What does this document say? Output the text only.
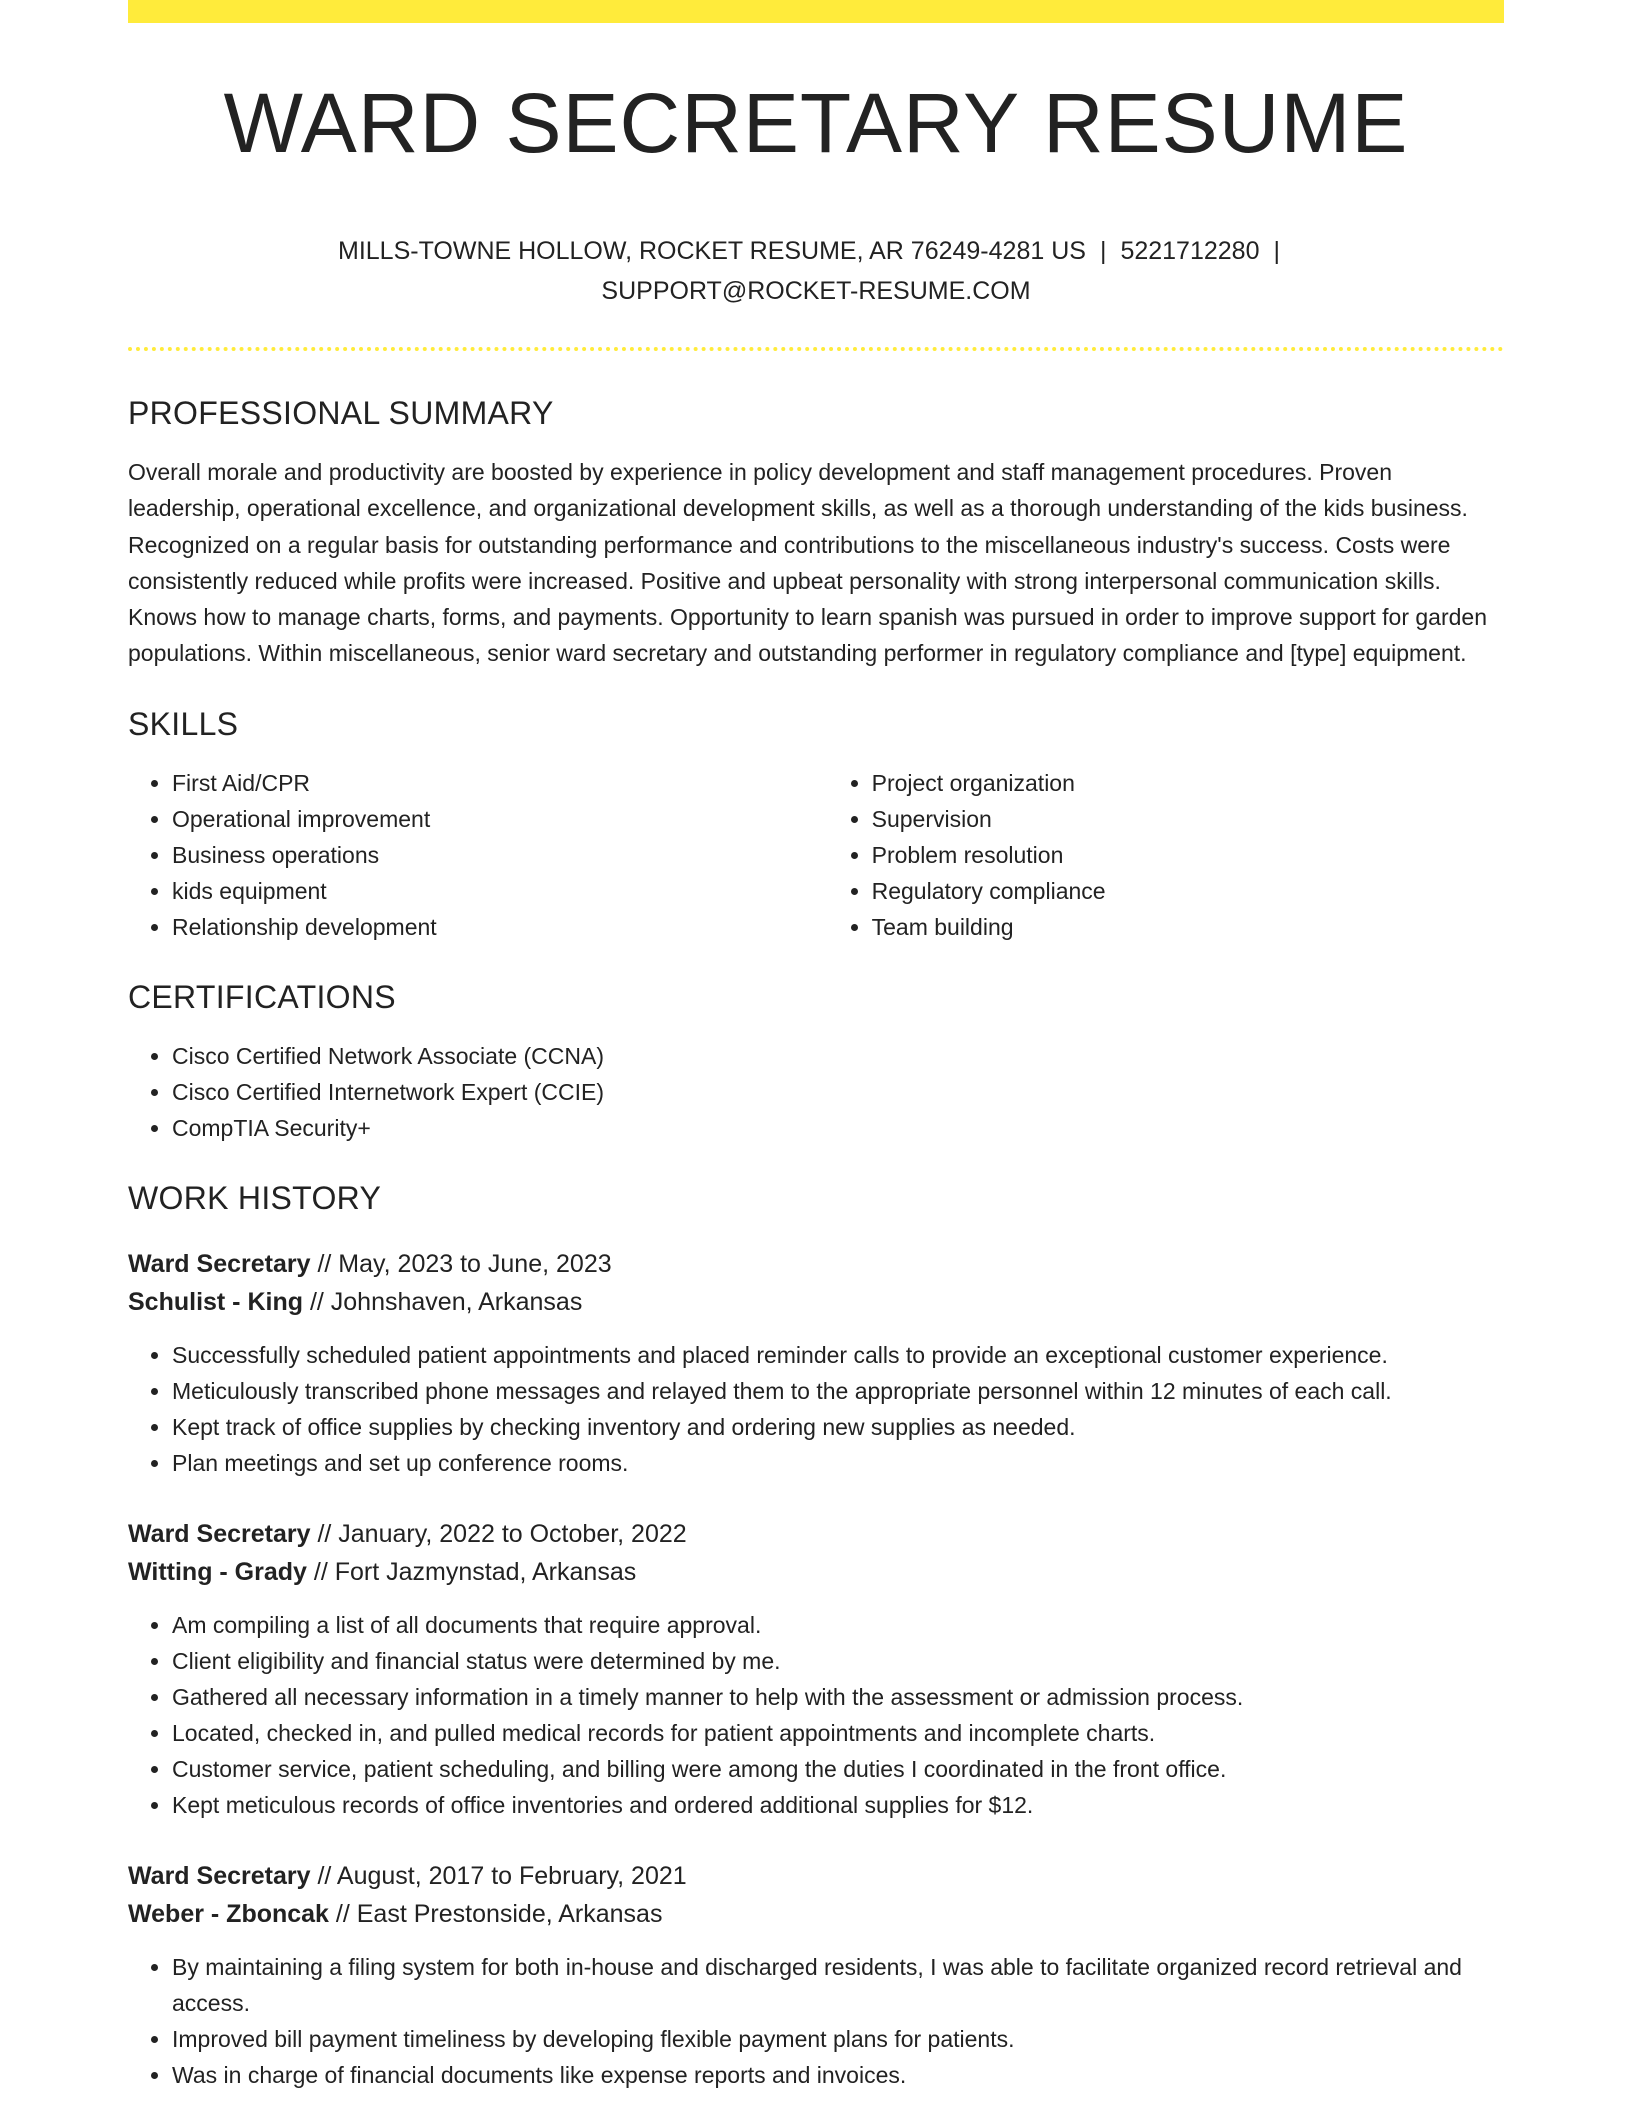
WARD SECRETARY RESUME
MILLS-TOWNE HOLLOW, ROCKET RESUME, AR 76249-4281 US | 5221712280 |
SUPPORT@ROCKET-RESUME.COM
PROFESSIONAL SUMMARY

Overall morale and productivity are boosted by experience in policy development and staff management procedures. Proven leadership, operational excellence, and organizational development skills, as well as a thorough understanding of the kids business. Recognized on a regular basis for outstanding performance and contributions to the miscellaneous industry's success. Costs were consistently reduced while profits were increased. Positive and upbeat personality with strong interpersonal communication skills. Knows how to manage charts, forms, and payments. Opportunity to learn spanish was pursued in order to improve support for garden populations. Within miscellaneous, senior ward secretary and outstanding performer in regulatory compliance and [type] equipment.

SKILLS
• First Aid/CPR
• Operational improvement
• Business operations
• kids equipment
• Relationship development
• Project organization
• Supervision
• Problem resolution
• Regulatory compliance
• Team building
CERTIFICATIONS
• Cisco Certified Network Associate (CCNA)
• Cisco Certified Internetwork Expert (CCIE)
• CompTIA Security+
WORK HISTORY
Ward Secretary // May, 2023 to June, 2023
Schulist - King // Johnshaven, Arkansas
• Successfully scheduled patient appointments and placed reminder calls to provide an exceptional customer experience.
• Meticulously transcribed phone messages and relayed them to the appropriate personnel within 12 minutes of each call.
• Kept track of office supplies by checking inventory and ordering new supplies as needed.
• Plan meetings and set up conference rooms.
Ward Secretary // January, 2022 to October, 2022
Witting - Grady // Fort Jazmynstad, Arkansas
• Am compiling a list of all documents that require approval.
• Client eligibility and financial status were determined by me.
• Gathered all necessary information in a timely manner to help with the assessment or admission process.
• Located, checked in, and pulled medical records for patient appointments and incomplete charts.
• Customer service, patient scheduling, and billing were among the duties I coordinated in the front office.
• Kept meticulous records of office inventories and ordered additional supplies for $12.
Ward Secretary // August, 2017 to February, 2021
Weber - Zboncak // East Prestonside, Arkansas
• By maintaining a filing system for both in-house and discharged residents, I was able to facilitate organized record retrieval and access.
• Improved bill payment timeliness by developing flexible payment plans for patients.
• Was in charge of financial documents like expense reports and invoices.
